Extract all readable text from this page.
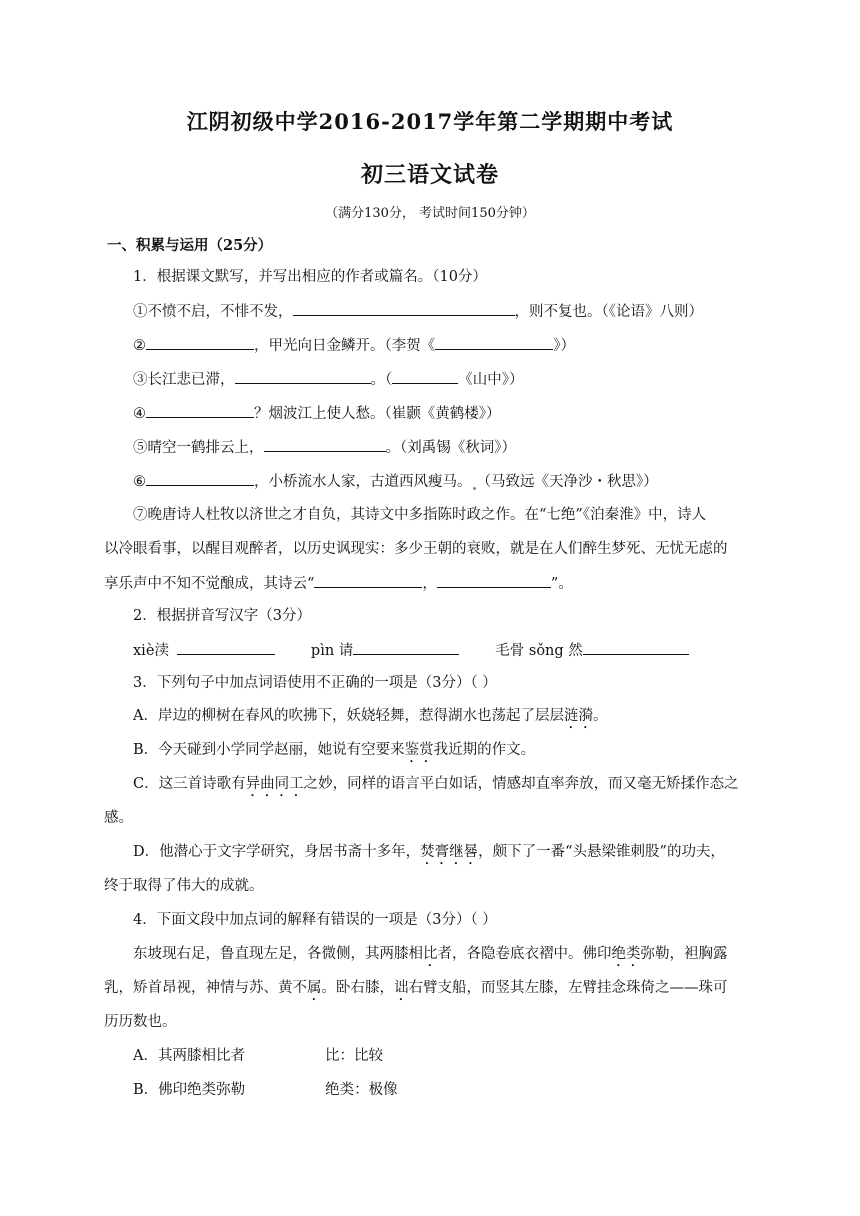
江阴初级中学2016-2017学年第二学期期中考试
初三语文试卷
（满分130分， 考试时间150分钟）
一、积累与运用（25分）
1．根据课文默写，并写出相应的作者或篇名。（10分）
①不愤不启，不悱不发，	，则不复也。（《论语》八则）
②	，甲光向日金鳞开。（李贺《	》）
③长江悲已滞，	。（	《山中》）
④	？烟波江上使人愁。（崔颢《黄鹤楼》）
⑤晴空一鹤排云上，	。（刘禹锡《秋词》）
⑥	，小桥流水人家，古道西风瘦马。 （马致远《天净沙・秋思》）
⑦晚唐诗人杜牧以济世之才自负，其诗文中多指陈时政之作。在“七绝”《泊秦淮》中，诗人
以冷眼看事，以醒目观醉者，以历史讽现实：多少王朝的衰败，就是在人们醉生梦死、无忧无虑的
享乐声中不知不觉酿成，其诗云“	，	”。
2．根据拼音写汉字（3分）
xiè渎	pìn 请	毛骨 sǒng 然
3．下列句子中加点词语使用不正确的一项是（3分）（ ）
A．岸边的柳树在春风的吹拂下，妖娆轻舞，惹得湖水也荡起了层层涟漪。
B．今天碰到小学同学赵丽，她说有空要来鉴赏我近期的作文。
C．这三首诗歌有异曲同工之妙，同样的语言平白如话，情感却直率奔放，而又毫无矫揉作态之
感。
D．他潜心于文字学研究，身居书斋十多年，焚膏继晷，颇下了一番“头悬梁锥刺股”的功夫，
终于取得了伟大的成就。
4．下面文段中加点词的解释有错误的一项是（3分）（ ）
东坡现右足，鲁直现左足，各微侧，其两膝相比者，各隐卷底衣褶中。佛印绝类弥勒，袒胸露
乳，矫首昂视，神情与苏、黄不属。卧右膝，诎右臂支船，而竖其左膝，左臂挂念珠倚之——珠可
历历数也。
A．其两膝相比者	比：比较
B．佛印绝类弥勒	绝类：极像
